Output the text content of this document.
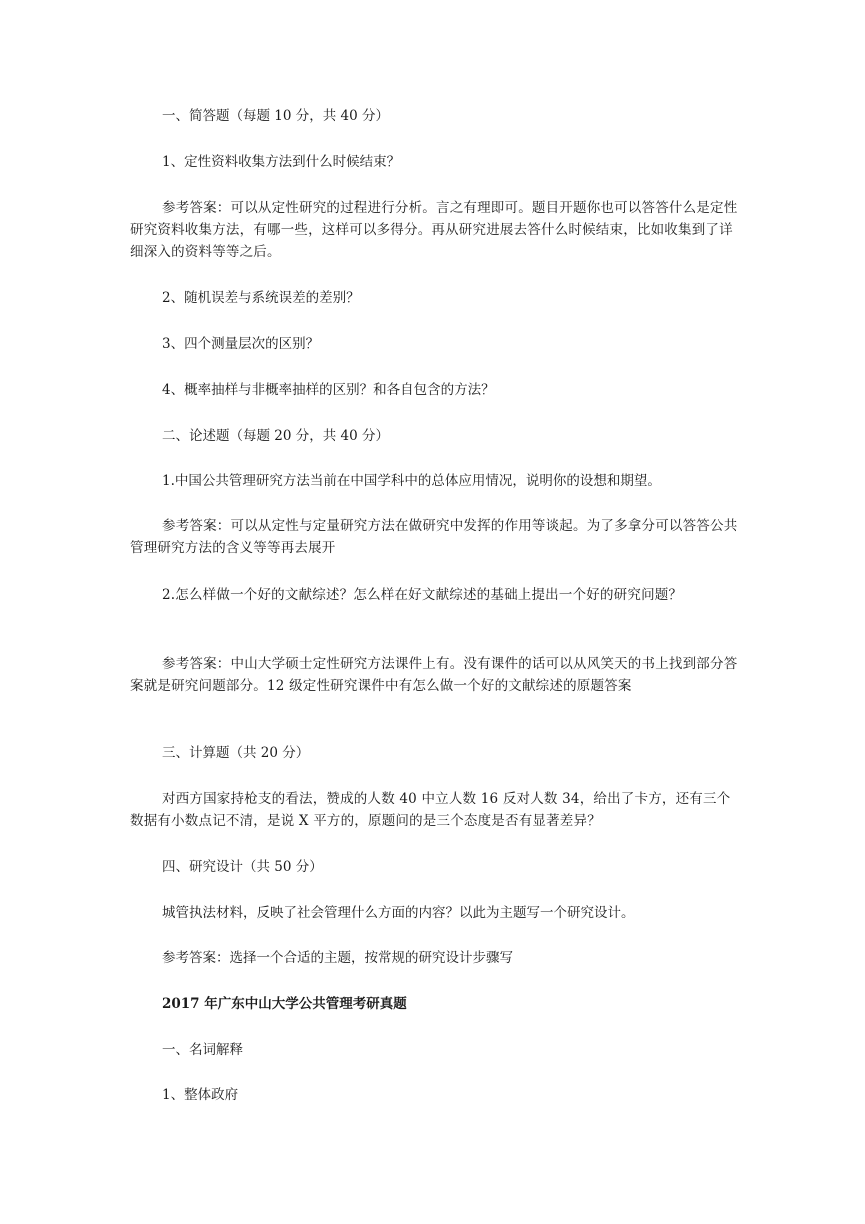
一、简答题（每题 10 分，共 40 分）
1、定性资料收集方法到什么时候结束？
参考答案：可以从定性研究的过程进行分析。言之有理即可。题目开题你也可以答答什么是定性研究资料收集方法，有哪一些，这样可以多得分。再从研究进展去答什么时候结束，比如收集到了详细深入的资料等等之后。
2、随机误差与系统误差的差别？
3、四个测量层次的区别？
4、概率抽样与非概率抽样的区别？和各自包含的方法？
二、论述题（每题 20 分，共 40 分）
1.中国公共管理研究方法当前在中国学科中的总体应用情况，说明你的设想和期望。
参考答案：可以从定性与定量研究方法在做研究中发挥的作用等谈起。为了多拿分可以答答公共管理研究方法的含义等等再去展开
2.怎么样做一个好的文献综述？怎么样在好文献综述的基础上提出一个好的研究问题？
参考答案：中山大学硕士定性研究方法课件上有。没有课件的话可以从风笑天的书上找到部分答案就是研究问题部分。12 级定性研究课件中有怎么做一个好的文献综述的原题答案
三、计算题（共 20 分）
对西方国家持枪支的看法，赞成的人数 40 中立人数 16 反对人数 34，给出了卡方，还有三个数据有小数点记不清，是说 X 平方的，原题问的是三个态度是否有显著差异？
四、研究设计（共 50 分）
城管执法材料，反映了社会管理什么方面的内容？以此为主题写一个研究设计。
参考答案：选择一个合适的主题，按常规的研究设计步骤写
2017 年广东中山大学公共管理考研真题
一、名词解释
1、整体政府
